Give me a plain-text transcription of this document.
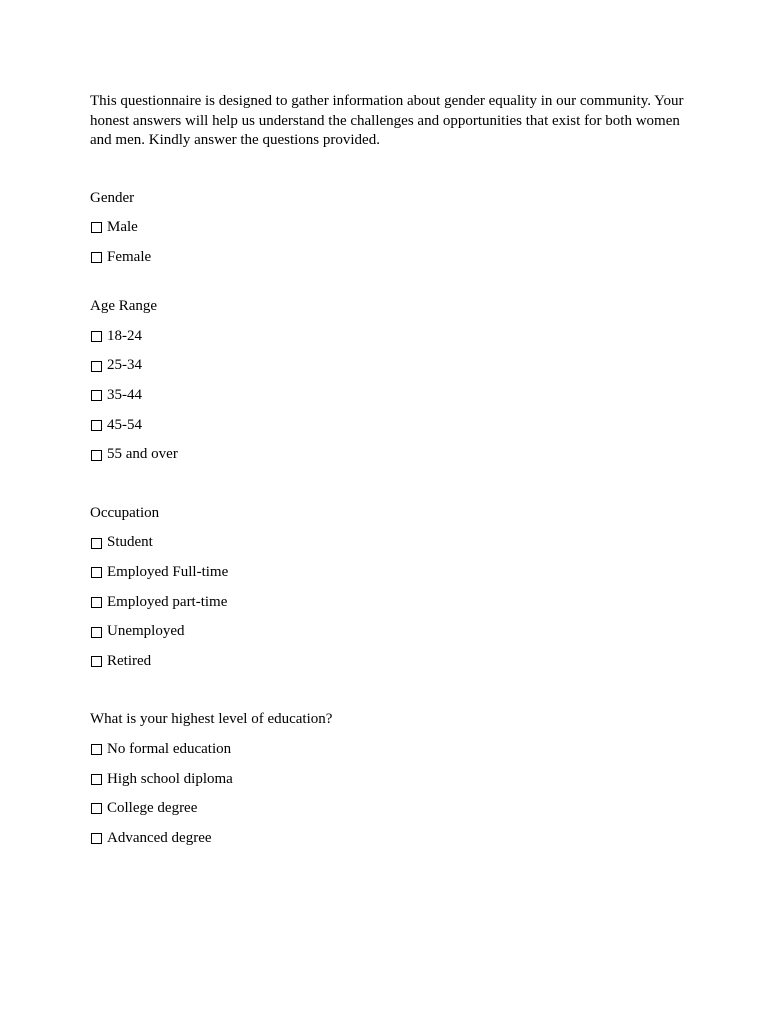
This questionnaire is designed to gather information about gender equality in our community. Your honest answers will help us understand the challenges and opportunities that exist for both women and men. Kindly answer the questions provided.

Gender
Male
Female
Age Range
18-24
25-34
35-44
45-54
55 and over
Occupation
Student
Employed Full-time
Employed part-time
Unemployed
Retired
What is your highest level of education?
No formal education
High school diploma
College degree
Advanced degree
